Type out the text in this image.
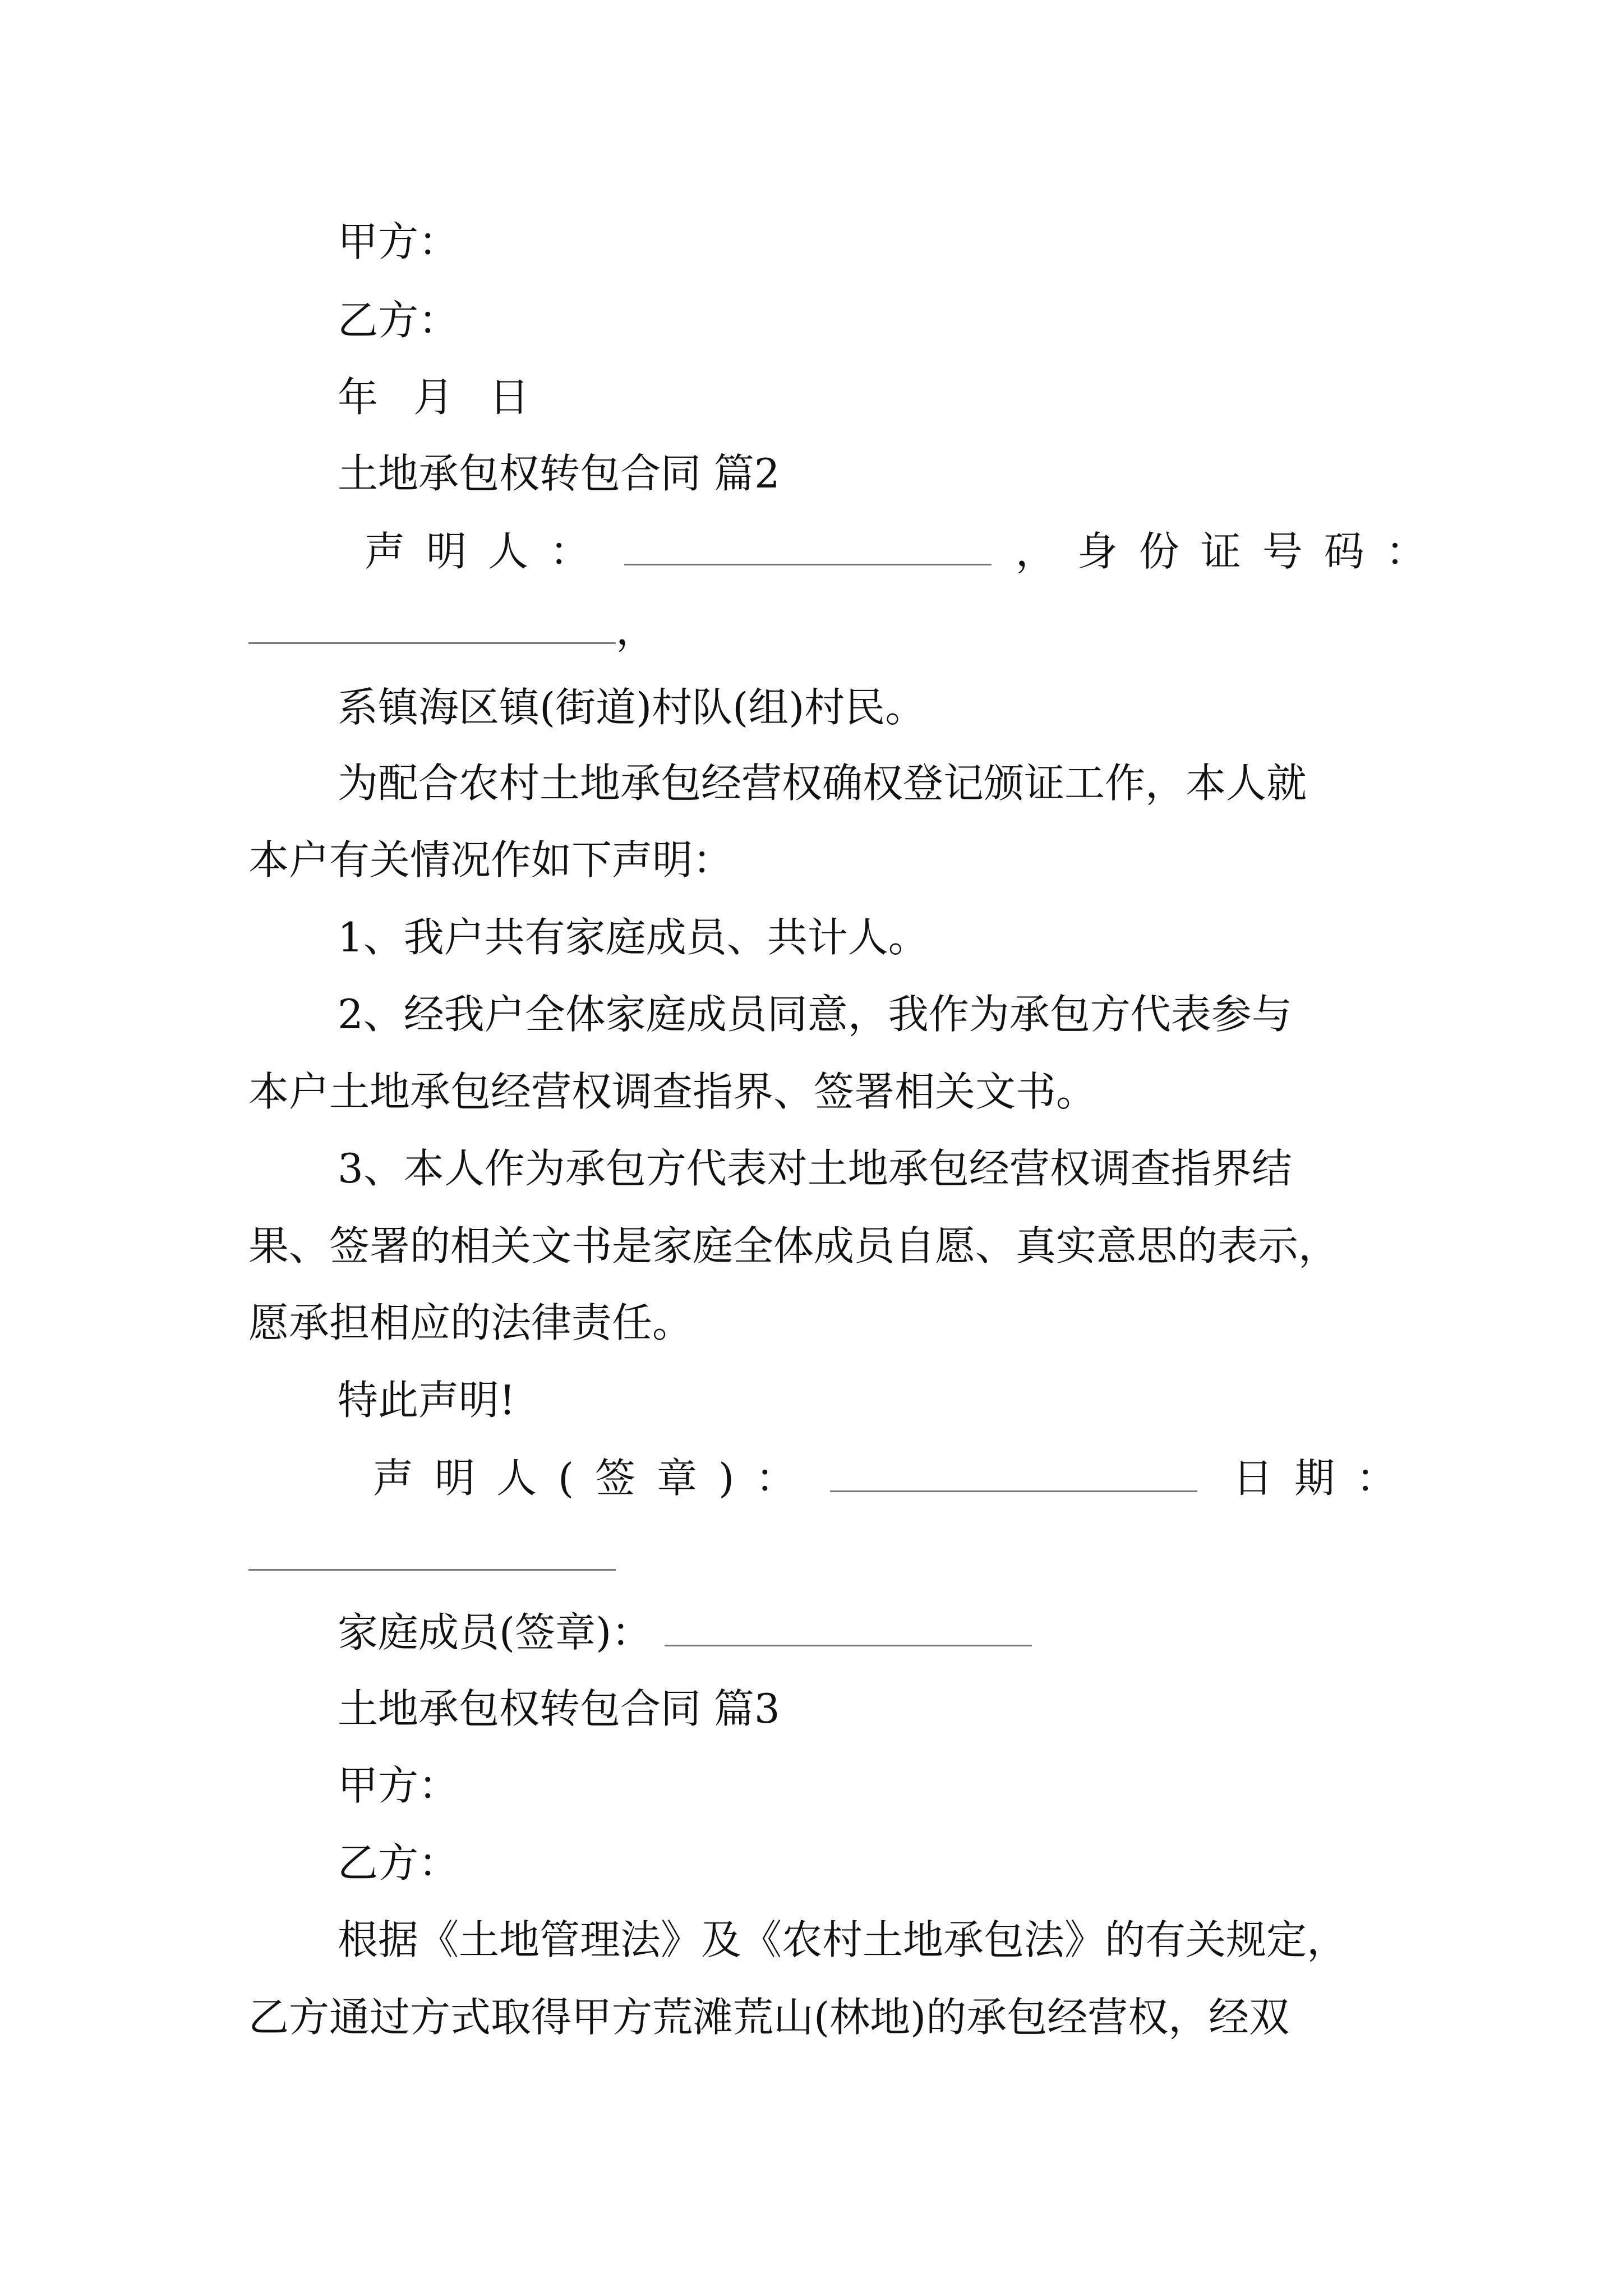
甲方：
乙方：
年 月 日
土地承包权转包合同 篇2
声明人：	，身份证号码：
，
系镇海区镇(街道)村队(组)村民。
为配合农村土地承包经营权确权登记颁证工作，本人就
本户有关情况作如下声明：
1、我户共有家庭成员、共计人。
2、经我户全体家庭成员同意，我作为承包方代表参与
本户土地承包经营权调查指界、签署相关文书。
3、本人作为承包方代表对土地承包经营权调查指界结
果、签署的相关文书是家庭全体成员自愿、真实意思的表示，
愿承担相应的法律责任。
特此声明!
声明人(签章)：	日期：
家庭成员(签章)：
土地承包权转包合同 篇3
甲方：
乙方：
根据《土地管理法》及《农村土地承包法》的有关规定，
乙方通过方式取得甲方荒滩荒山(林地)的承包经营权，经双
